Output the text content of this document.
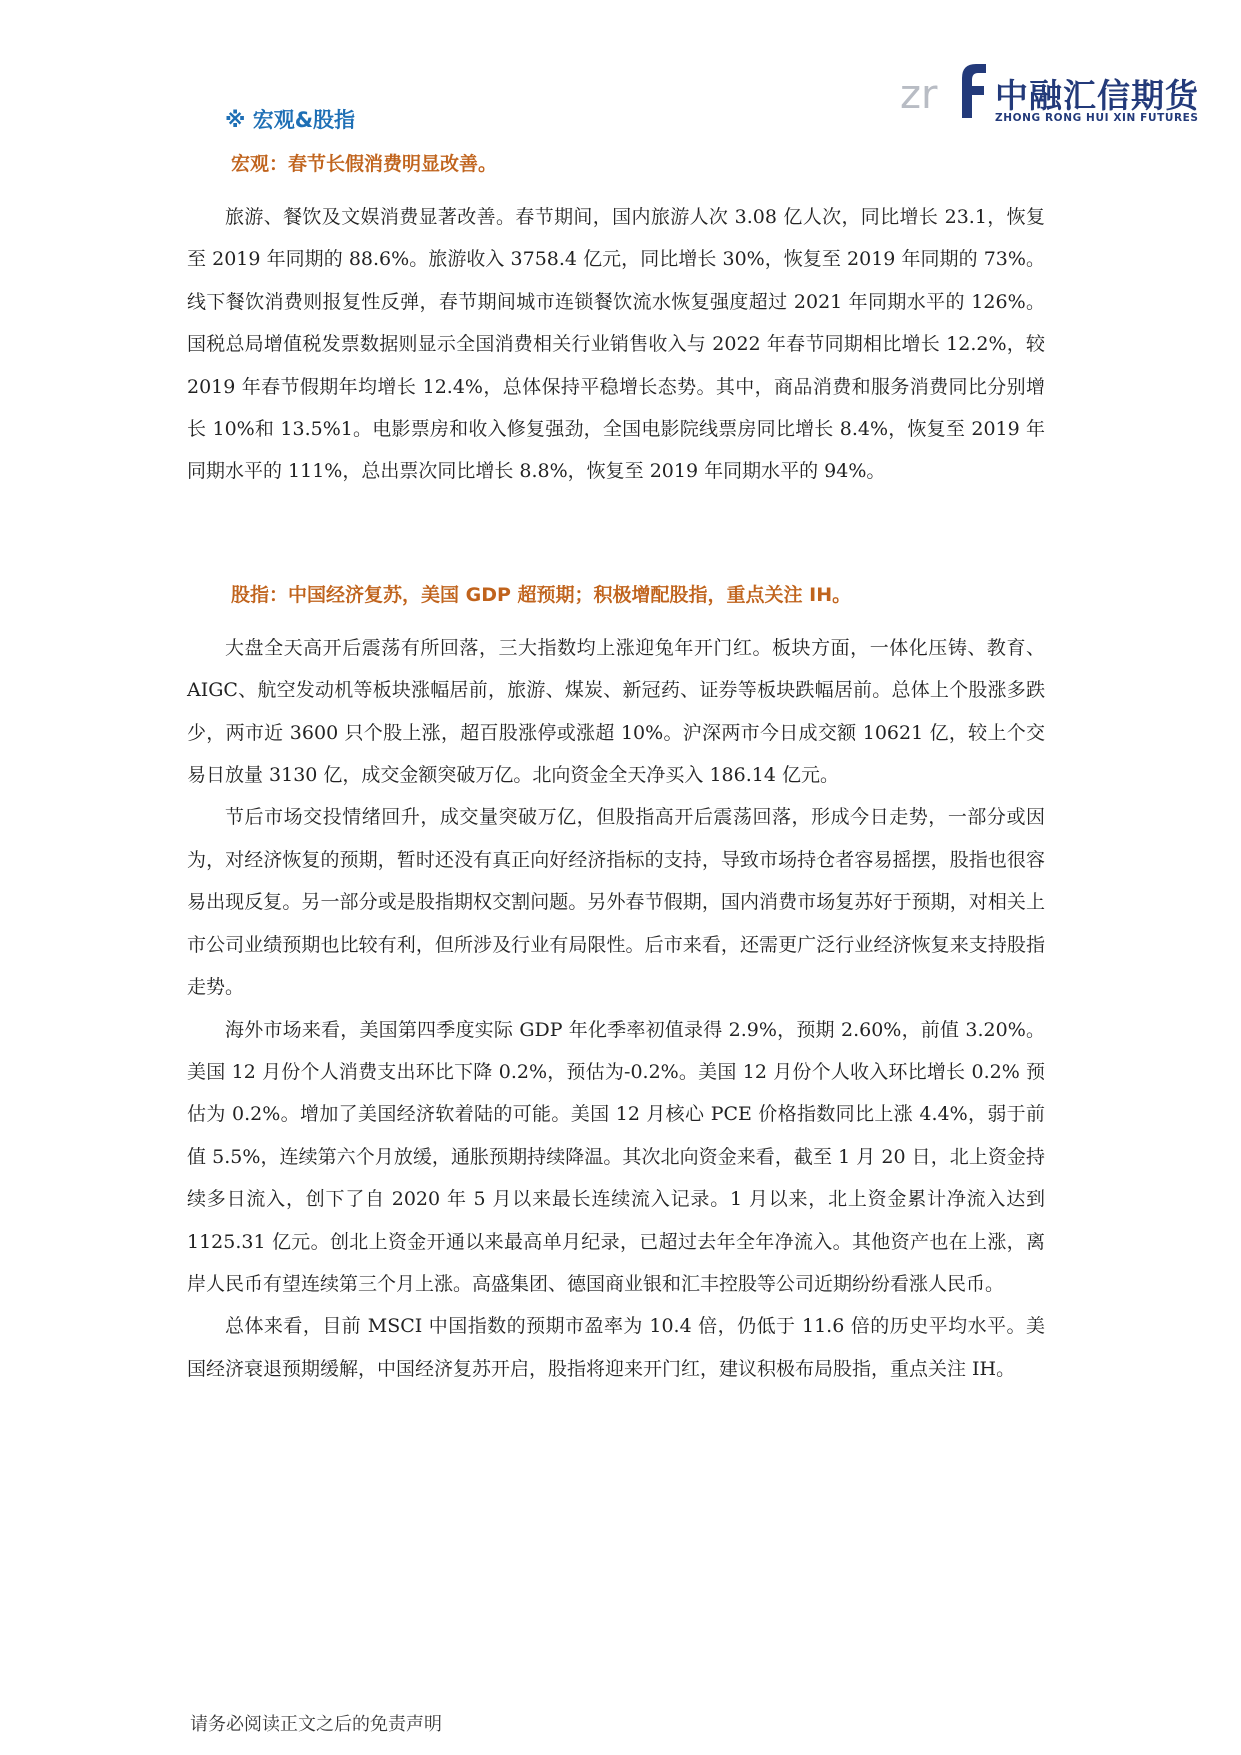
zr 中融汇信期货
ZHONG RONG HUI XIN FUTURES
※ 宏观&股指
宏观：春节长假消费明显改善。

旅游、餐饮及文娱消费显著改善。春节期间，国内旅游人次 3.08 亿人次，同比增长 23.1，恢复至 2019 年同期的 88.6%。旅游收入 3758.4 亿元，同比增长 30%，恢复至 2019 年同期的 73%。线下餐饮消费则报复性反弹，春节期间城市连锁餐饮流水恢复强度超过 2021 年同期水平的 126%。国税总局增值税发票数据则显示全国消费相关行业销售收入与 2022 年春节同期相比增长 12.2%，较 2019 年春节假期年均增长 12.4%，总体保持平稳增长态势。其中，商品消费和服务消费同比分别增长 10%和 13.5%1。电影票房和收入修复强劲，全国电影院线票房同比增长 8.4%，恢复至 2019 年同期水平的 111%，总出票次同比增长 8.8%，恢复至 2019 年同期水平的 94%。

股指：中国经济复苏，美国 GDP 超预期；积极增配股指，重点关注 IH。

大盘全天高开后震荡有所回落，三大指数均上涨迎兔年开门红。板块方面，一体化压铸、教育、AIGC、航空发动机等板块涨幅居前，旅游、煤炭、新冠药、证券等板块跌幅居前。总体上个股涨多跌少，两市近 3600 只个股上涨，超百股涨停或涨超 10%。沪深两市今日成交额 10621 亿，较上个交易日放量 3130 亿，成交金额突破万亿。北向资金全天净买入 186.14 亿元。

节后市场交投情绪回升，成交量突破万亿，但股指高开后震荡回落，形成今日走势，一部分或因为，对经济恢复的预期，暂时还没有真正向好经济指标的支持，导致市场持仓者容易摇摆，股指也很容易出现反复。另一部分或是股指期权交割问题。另外春节假期，国内消费市场复苏好于预期，对相关上市公司业绩预期也比较有利，但所涉及行业有局限性。后市来看，还需更广泛行业经济恢复来支持股指走势。

海外市场来看，美国第四季度实际 GDP 年化季率初值录得 2.9%，预期 2.60%，前值 3.20%。美国 12 月份个人消费支出环比下降 0.2%，预估为-0.2%。美国 12 月份个人收入环比增长 0.2% 预估为 0.2%。增加了美国经济软着陆的可能。美国 12 月核心 PCE 价格指数同比上涨 4.4%，弱于前值 5.5%，连续第六个月放缓，通胀预期持续降温。其次北向资金来看，截至 1 月 20 日，北上资金持续多日流入，创下了自 2020 年 5 月以来最长连续流入记录。1 月以来，北上资金累计净流入达到 1125.31 亿元。创北上资金开通以来最高单月纪录，已超过去年全年净流入。其他资产也在上涨，离岸人民币有望连续第三个月上涨。高盛集团、德国商业银和汇丰控股等公司近期纷纷看涨人民币。

总体来看，目前 MSCI 中国指数的预期市盈率为 10.4 倍，仍低于 11.6 倍的历史平均水平。美国经济衰退预期缓解，中国经济复苏开启，股指将迎来开门红，建议积极布局股指，重点关注 IH。

请务必阅读正文之后的免责声明
